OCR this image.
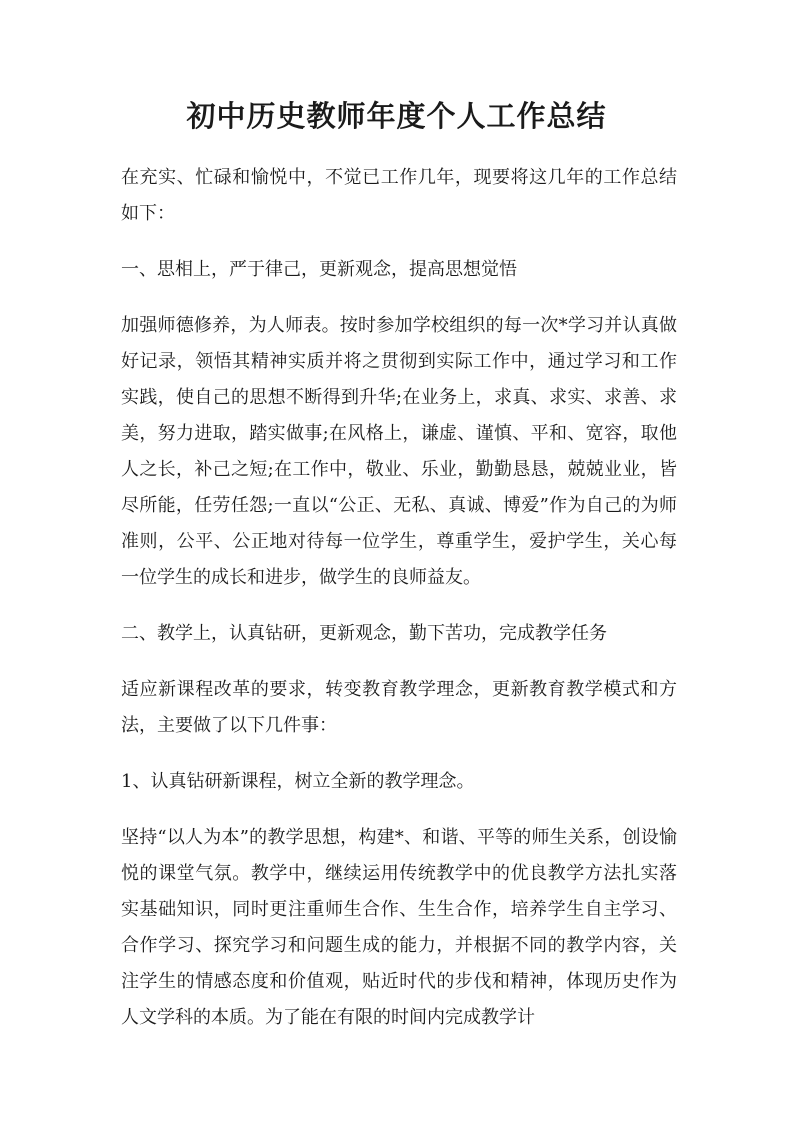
初中历史教师年度个人工作总结

在充实、忙碌和愉悦中，不觉已工作几年，现要将这几年的工作总结如下：

一、思相上，严于律己，更新观念，提高思想觉悟

加强师德修养，为人师表。按时参加学校组织的每一次*学习并认真做好记录，领悟其精神实质并将之贯彻到实际工作中，通过学习和工作实践，使自己的思想不断得到升华;在业务上，求真、求实、求善、求美，努力进取，踏实做事;在风格上，谦虚、谨慎、平和、宽容，取他人之长，补己之短;在工作中，敬业、乐业，勤勤恳恳，兢兢业业，皆尽所能，任劳任怨;一直以“公正、无私、真诚、博爱”作为自己的为师准则，公平、公正地对待每一位学生，尊重学生，爱护学生，关心每一位学生的成长和进步，做学生的良师益友。

二、教学上，认真钻研，更新观念，勤下苦功，完成教学任务

适应新课程改革的要求，转变教育教学理念，更新教育教学模式和方法，主要做了以下几件事：

1、认真钻研新课程，树立全新的教学理念。

坚持“以人为本”的教学思想，构建*、和谐、平等的师生关系，创设愉悦的课堂气氛。教学中，继续运用传统教学中的优良教学方法扎实落实基础知识，同时更注重师生合作、生生合作，培养学生自主学习、合作学习、探究学习和问题生成的能力，并根据不同的教学内容，关注学生的情感态度和价值观，贴近时代的步伐和精神，体现历史作为人文学科的本质。为了能在有限的时间内完成教学计
